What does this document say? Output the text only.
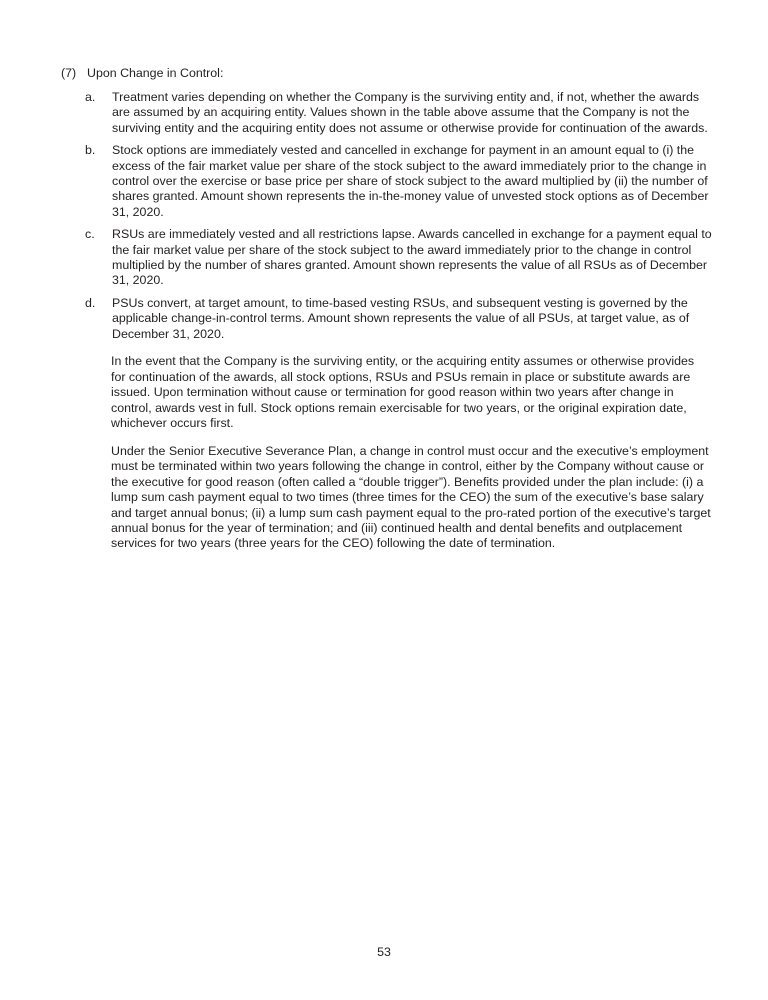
(7) Upon Change in Control:
a.	Treatment varies depending on whether the Company is the surviving entity and, if not, whether the awards are assumed by an acquiring entity. Values shown in the table above assume that the Company is not the surviving entity and the acquiring entity does not assume or otherwise provide for continuation of the awards.
b.	Stock options are immediately vested and cancelled in exchange for payment in an amount equal to (i) the excess of the fair market value per share of the stock subject to the award immediately prior to the change in control over the exercise or base price per share of stock subject to the award multiplied by (ii) the number of shares granted. Amount shown represents the in-the-money value of unvested stock options as of December 31, 2020.
c.	RSUs are immediately vested and all restrictions lapse. Awards cancelled in exchange for a payment equal to the fair market value per share of the stock subject to the award immediately prior to the change in control multiplied by the number of shares granted. Amount shown represents the value of all RSUs as of December 31, 2020.
d.	PSUs convert, at target amount, to time-based vesting RSUs, and subsequent vesting is governed by the applicable change-in-control terms. Amount shown represents the value of all PSUs, at target value, as of December 31, 2020.

In the event that the Company is the surviving entity, or the acquiring entity assumes or otherwise provides for continuation of the awards, all stock options, RSUs and PSUs remain in place or substitute awards are issued. Upon termination without cause or termination for good reason within two years after change in control, awards vest in full. Stock options remain exercisable for two years, or the original expiration date, whichever occurs first.

Under the Senior Executive Severance Plan, a change in control must occur and the executive’s employment must be terminated within two years following the change in control, either by the Company without cause or the executive for good reason (often called a “double trigger”). Benefits provided under the plan include: (i) a lump sum cash payment equal to two times (three times for the CEO) the sum of the executive’s base salary and target annual bonus; (ii) a lump sum cash payment equal to the pro-rated portion of the executive’s target annual bonus for the year of termination; and (iii) continued health and dental benefits and outplacement services for two years (three years for the CEO) following the date of termination.

53
